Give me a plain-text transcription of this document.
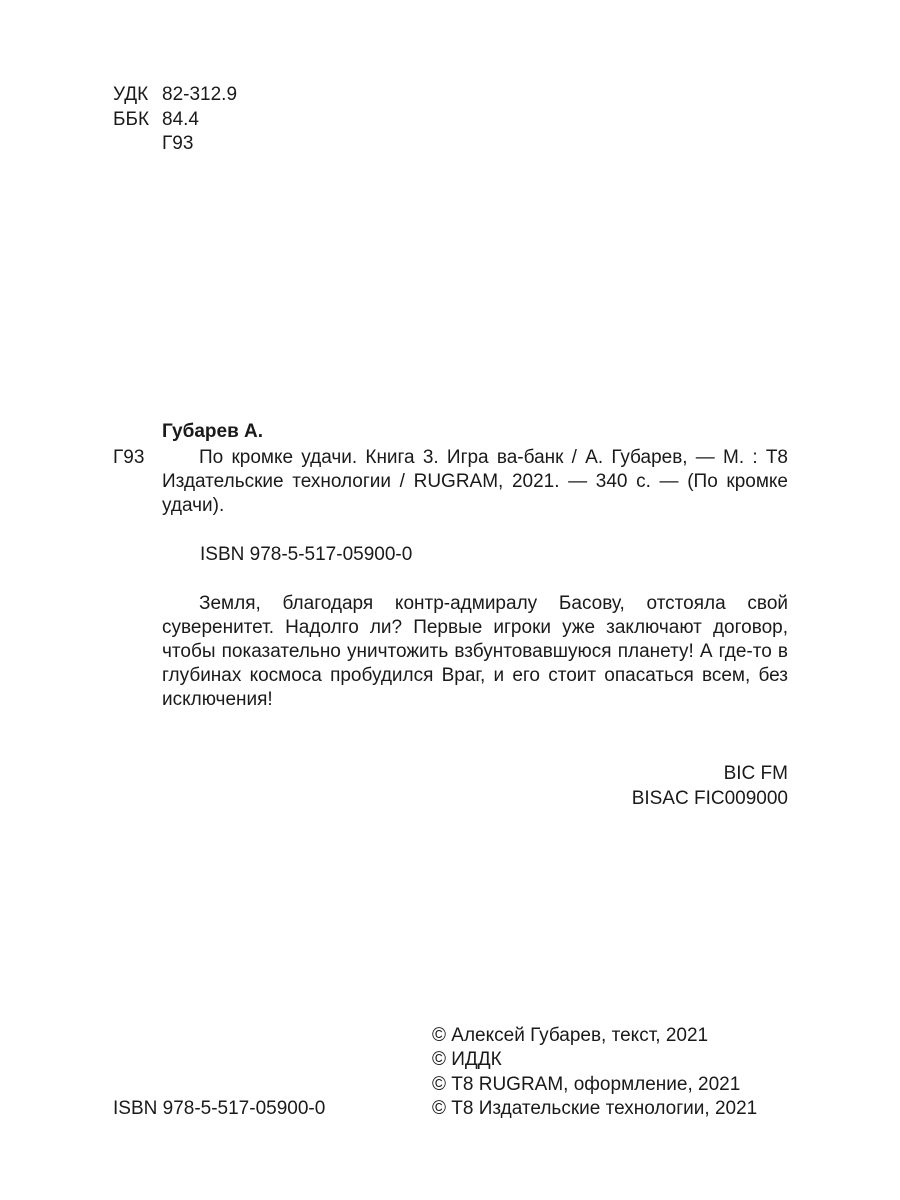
УДК 82-312.9
ББК 84.4
Г93
Губарев А.
Г93	По кромке удачи. Книга 3. Игра ва-банк / А. Губарев, — М. : Т8 Издательские технологии / RUGRAM, 2021. — 340 с. — (По кромке удачи).
ISBN 978-5-517-05900-0
Земля, благодаря контр-адмиралу Басову, отстояла свой суверенитет. Надолго ли? Первые игроки уже заключают договор, чтобы показательно уничтожить взбунтовавшуюся планету! А где-то в глубинах космоса пробудился Враг, и его стоит опасаться всем, без исключения!
BIC FM
BISAC FIC009000
ISBN 978-5-517-05900-0
© Алексей Губарев, текст, 2021
© ИДДК
© Т8 RUGRAM, оформление, 2021
© Т8 Издательские технологии, 2021
